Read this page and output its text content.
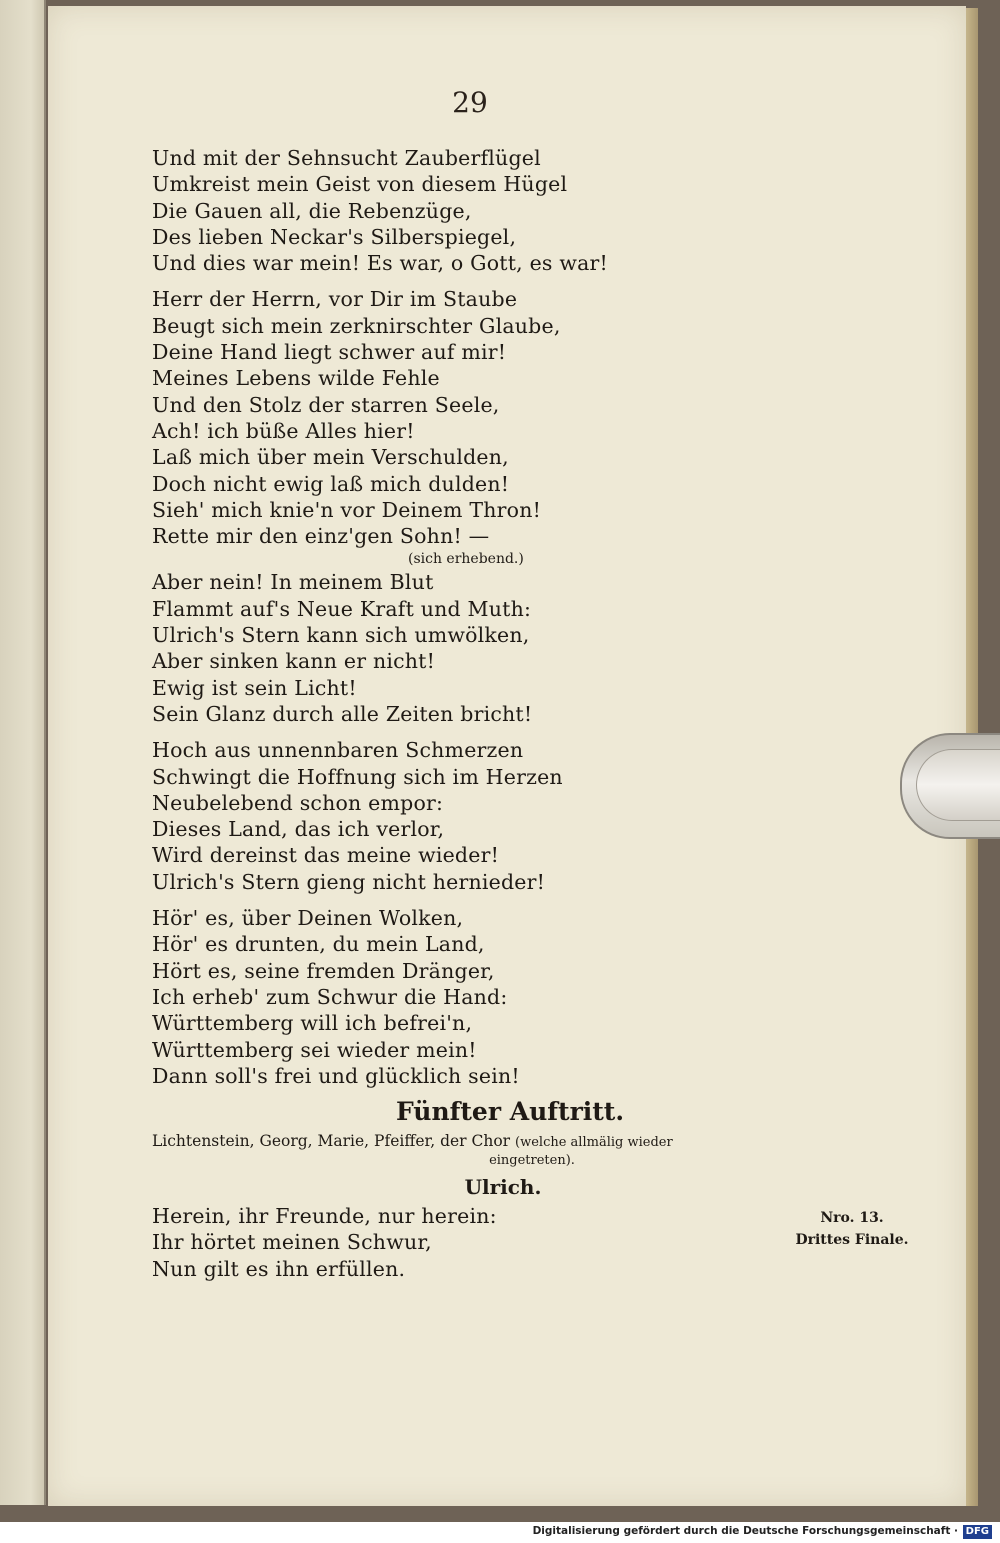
29
Und mit der Sehnsucht Zauberflügel
Umkreist mein Geist von diesem Hügel
Die Gauen all, die Rebenzüge,
Des lieben Neckar's Silberspiegel,
Und dies war mein! Es war, o Gott, es war!
Herr der Herrn, vor Dir im Staube
Beugt sich mein zerknirschter Glaube,
Deine Hand liegt schwer auf mir!
Meines Lebens wilde Fehle
Und den Stolz der starren Seele,
Ach! ich büße Alles hier!
Laß mich über mein Verschulden,
Doch nicht ewig laß mich dulden!
Sieh' mich knie'n vor Deinem Thron!
Rette mir den einz'gen Sohn! —
(sich erhebend.)
Aber nein! In meinem Blut
Flammt auf's Neue Kraft und Muth:
Ulrich's Stern kann sich umwölken,
Aber sinken kann er nicht!
Ewig ist sein Licht!
Sein Glanz durch alle Zeiten bricht!
Hoch aus unnennbaren Schmerzen
Schwingt die Hoffnung sich im Herzen
Neubelebend schon empor:
Dieses Land, das ich verlor,
Wird dereinst das meine wieder!
Ulrich's Stern gieng nicht hernieder!
Hör' es, über Deinen Wolken,
Hör' es drunten, du mein Land,
Hört es, seine fremden Dränger,
Ich erheb' zum Schwur die Hand:
Württemberg will ich befrei'n,
Württemberg sei wieder mein!
Dann soll's frei und glücklich sein!
Fünfter Auftritt.
Lichtenstein, Georg, Marie, Pfeiffer, der Chor (welche allmälig wieder
eingetreten).
Ulrich.
Herein, ihr Freunde, nur herein:
Ihr hörtet meinen Schwur,
Nun gilt es ihn erfüllen.
Nro. 13.
Drittes Finale.
Digitalisierung gefördert durch die Deutsche Forschungsgemeinschaft · DFG
